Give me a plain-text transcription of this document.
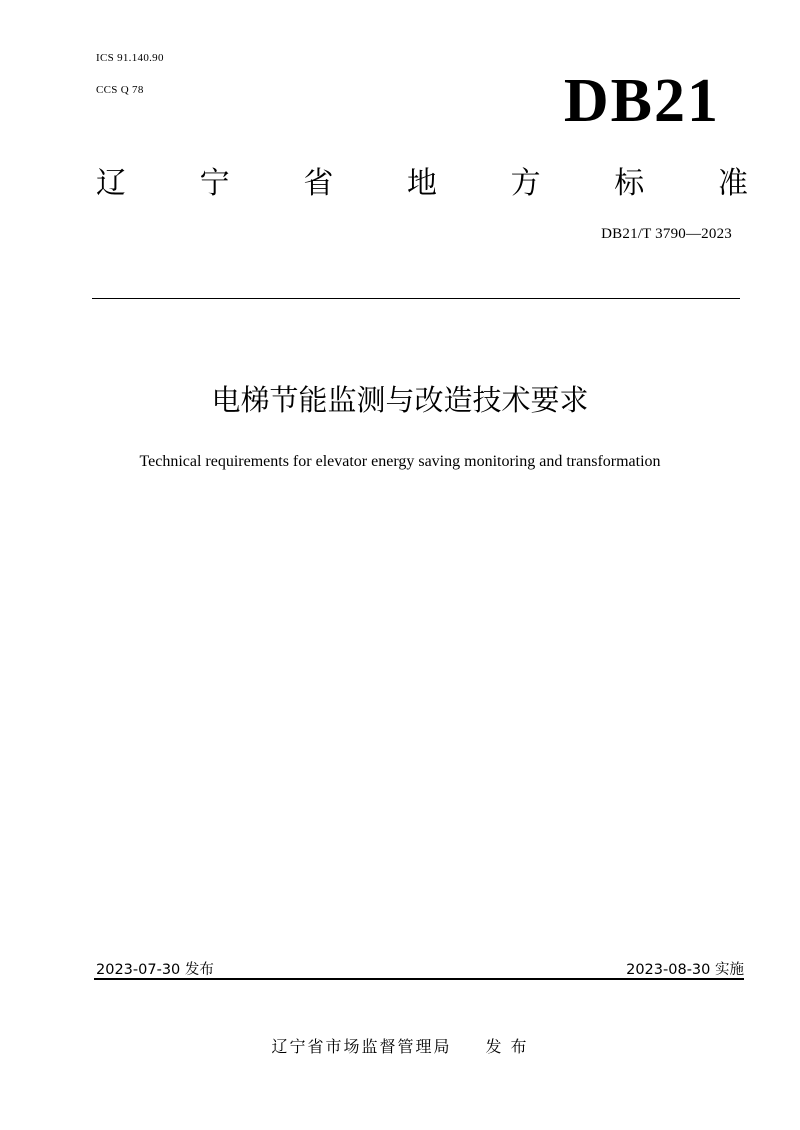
ICS 91.140.90
CCS Q 78	DB21
辽 宁 省 地 方 标 准
DB21/T 3790—2023
电梯节能监测与改造技术要求
Technical requirements for elevator energy saving monitoring and transformation
2023-07-30 发布	2023-08-30 实施
辽宁省市场监督管理局 发 布
